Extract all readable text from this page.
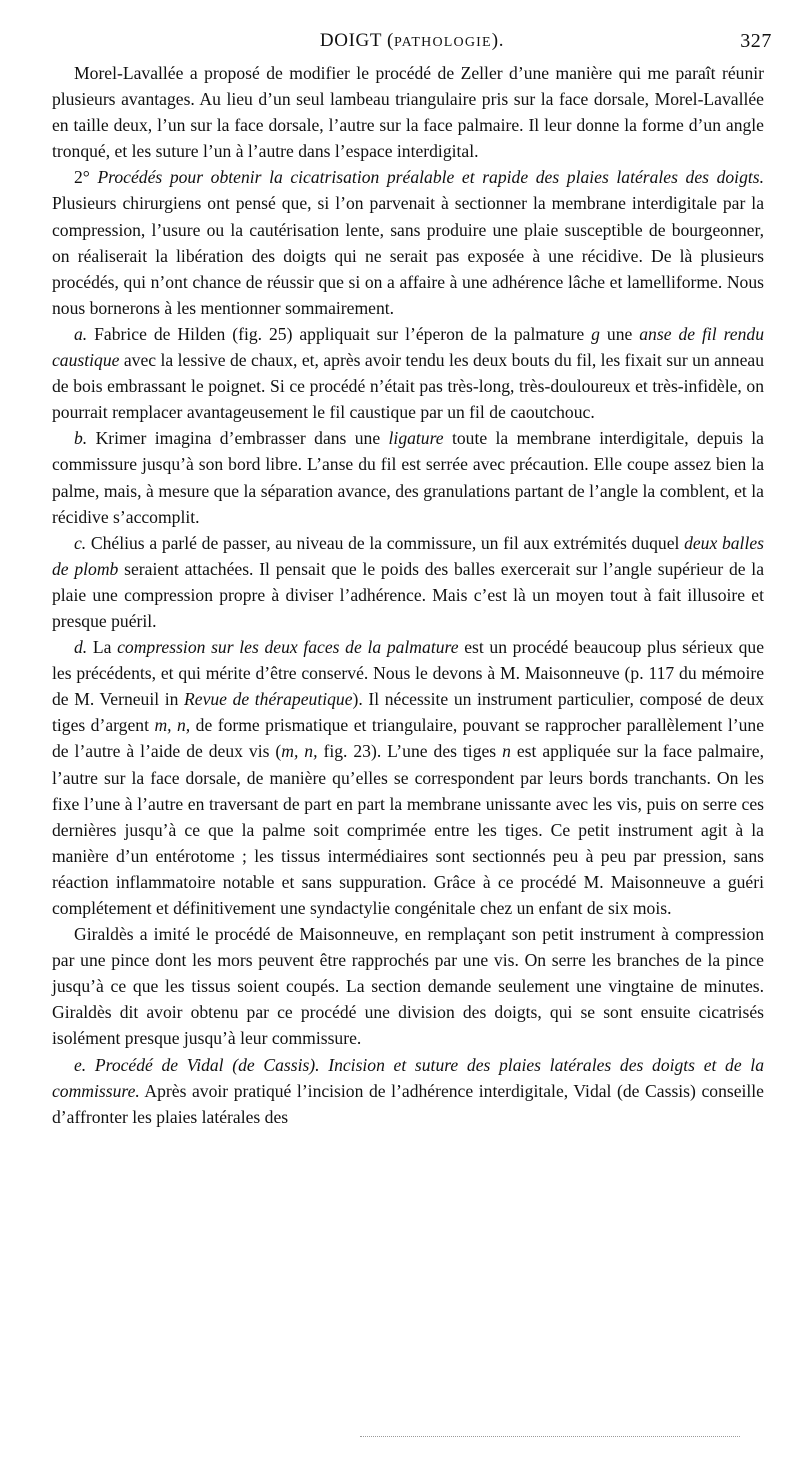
DOIGT (PATHOLOGIE).	327

Morel-Lavallée a proposé de modifier le procédé de Zeller d’une manière qui me paraît réunir plusieurs avantages. Au lieu d’un seul lambeau triangulaire pris sur la face dorsale, Morel-Lavallée en taille deux, l’un sur la face dorsale, l’autre sur la face palmaire. Il leur donne la forme d’un angle tronqué, et les suture l’un à l’autre dans l’espace interdigital.

2° Procédés pour obtenir la cicatrisation préalable et rapide des plaies latérales des doigts. Plusieurs chirurgiens ont pensé que, si l’on parvenait à sectionner la membrane interdigitale par la compression, l’usure ou la cautérisation lente, sans produire une plaie susceptible de bourgeonner, on réaliserait la libération des doigts qui ne serait pas exposée à une récidive. De là plusieurs procédés, qui n’ont chance de réussir que si on a affaire à une adhérence lâche et lamelliforme. Nous nous bornerons à les mentionner sommairement.

a. Fabrice de Hilden (fig. 25) appliquait sur l’éperon de la palmature g une anse de fil rendu caustique avec la lessive de chaux, et, après avoir tendu les deux bouts du fil, les fixait sur un anneau de bois embrassant le poignet. Si ce procédé n’était pas très-long, très-douloureux et très-infidèle, on pourrait remplacer avantageusement le fil caustique par un fil de caoutchouc.

b. Krimer imagina d’embrasser dans une ligature toute la membrane interdigitale, depuis la commissure jusqu’à son bord libre. L’anse du fil est serrée avec précaution. Elle coupe assez bien la palme, mais, à mesure que la séparation avance, des granulations partant de l’angle la comblent, et la récidive s’accomplit.

c. Chélius a parlé de passer, au niveau de la commissure, un fil aux extrémités duquel deux balles de plomb seraient attachées. Il pensait que le poids des balles exercerait sur l’angle supérieur de la plaie une compression propre à diviser l’adhérence. Mais c’est là un moyen tout à fait illusoire et presque puéril.

d. La compression sur les deux faces de la palmature est un procédé beaucoup plus sérieux que les précédents, et qui mérite d’être conservé. Nous le devons à M. Maisonneuve (p. 117 du mémoire de M. Verneuil in Revue de thérapeutique). Il nécessite un instrument particulier, composé de deux tiges d’argent m, n, de forme prismatique et triangulaire, pouvant se rapprocher parallèlement l’une de l’autre à l’aide de deux vis (m, n, fig. 23). L’une des tiges n est appliquée sur la face palmaire, l’autre sur la face dorsale, de manière qu’elles se correspondent par leurs bords tranchants. On les fixe l’une à l’autre en traversant de part en part la membrane unissante avec les vis, puis on serre ces dernières jusqu’à ce que la palme soit comprimée entre les tiges. Ce petit instrument agit à la manière d’un entérotome ; les tissus intermédiaires sont sectionnés peu à peu par pression, sans réaction inflammatoire notable et sans suppuration. Grâce à ce procédé M. Maisonneuve a guéri complétement et définitivement une syndactylie congénitale chez un enfant de six mois.

Giraldès a imité le procédé de Maisonneuve, en remplaçant son petit instrument à compression par une pince dont les mors peuvent être rapprochés par une vis. On serre les branches de la pince jusqu’à ce que les tissus soient coupés. La section demande seulement une vingtaine de minutes. Giraldès dit avoir obtenu par ce procédé une division des doigts, qui se sont ensuite cicatrisés isolément presque jusqu’à leur commissure.

e. Procédé de Vidal (de Cassis). Incision et suture des plaies latérales des doigts et de la commissure. Après avoir pratiqué l’incision de l’adhérence interdigitale, Vidal (de Cassis) conseille d’affronter les plaies latérales des
